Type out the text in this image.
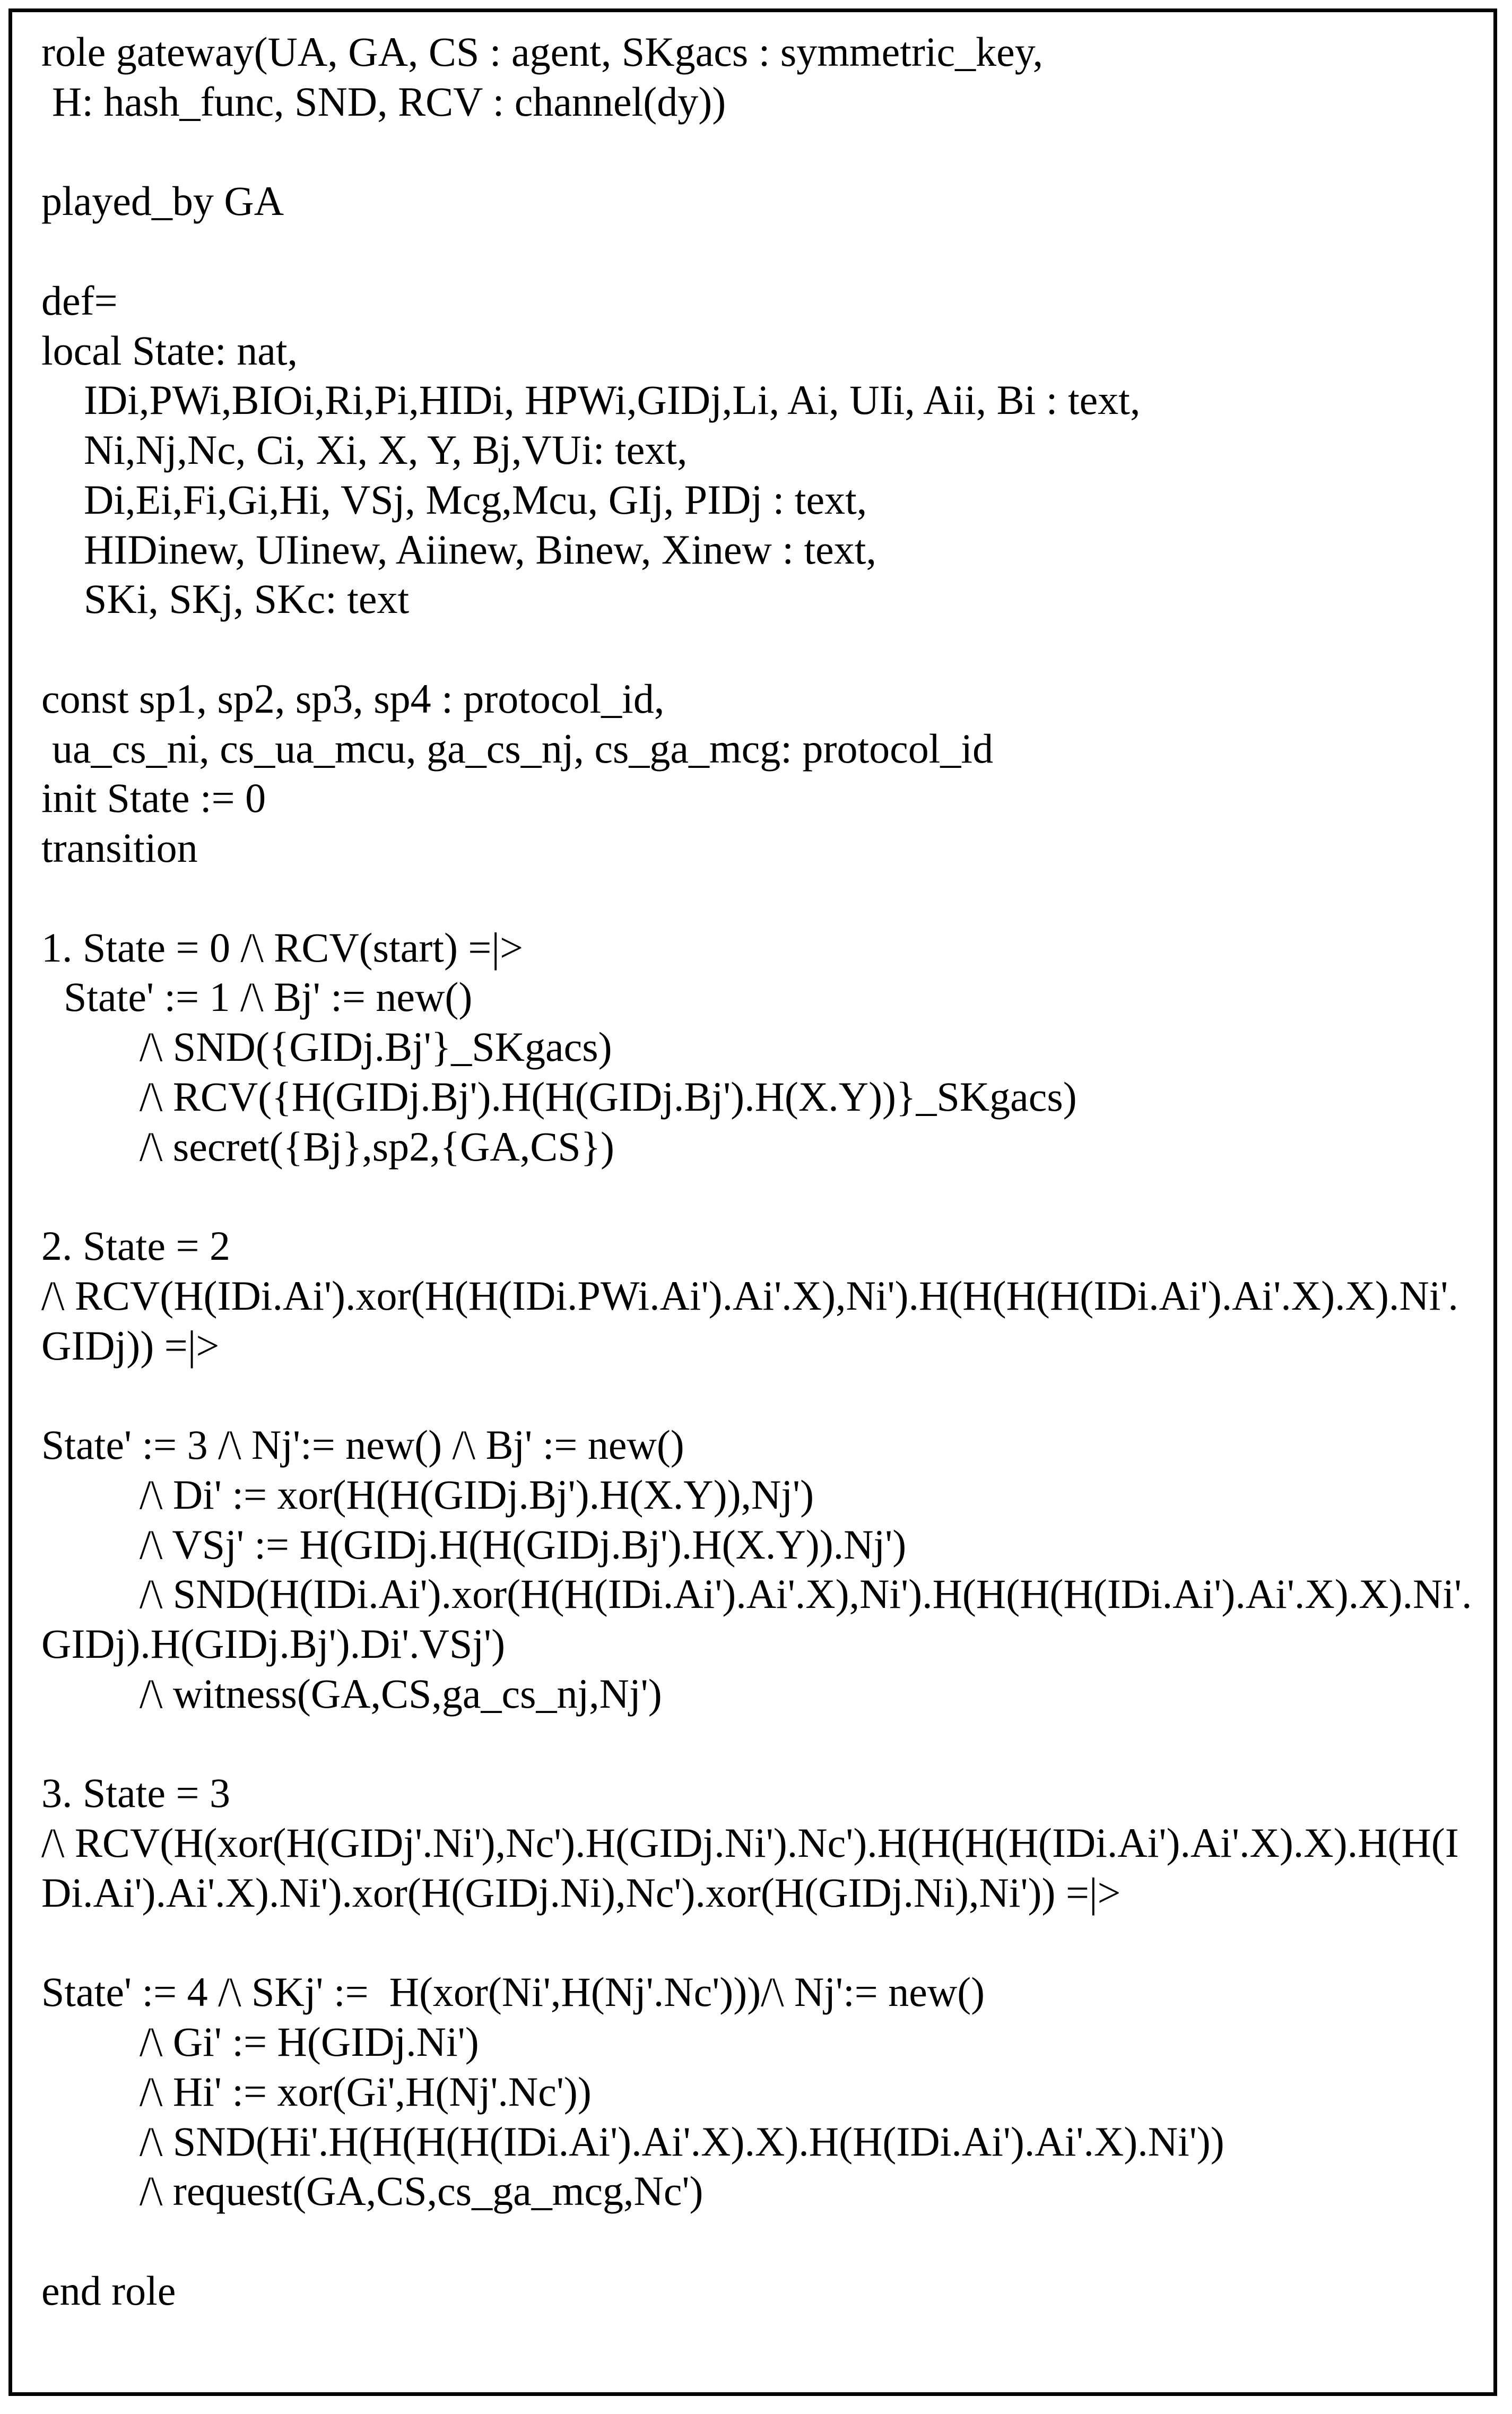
role gateway(UA, GA, CS : agent, SKgacs : symmetric_key,
H: hash_func, SND, RCV : channel(dy))
played_by GA
def=
local State: nat,
IDi,PWi,BIOi,Ri,Pi,HIDi, HPWi,GIDj,Li, Ai, UIi, Aii, Bi : text,
Ni,Nj,Nc, Ci, Xi, X, Y, Bj,VUi: text,
Di,Ei,Fi,Gi,Hi, VSj, Mcg,Mcu, GIj, PIDj : text,
HIDinew, UIinew, Aiinew, Binew, Xinew : text,
SKi, SKj, SKc: text
const sp1, sp2, sp3, sp4 : protocol_id,
ua_cs_ni, cs_ua_mcu, ga_cs_nj, cs_ga_mcg: protocol_id
init State := 0
transition
1. State = 0 /\ RCV(start) =|>
State' := 1 /\ Bj' := new()
/\ SND({GIDj.Bj'}_SKgacs)
/\ RCV({H(GIDj.Bj').H(H(GIDj.Bj').H(X.Y))}_SKgacs)
/\ secret({Bj},sp2,{GA,CS})
2. State = 2
/\ RCV(H(IDi.Ai').xor(H(H(IDi.PWi.Ai').Ai'.X),Ni').H(H(H(H(IDi.Ai').Ai'.X).X).Ni'.
GIDj)) =|>
State' := 3 /\ Nj':= new() /\ Bj' := new()
/\ Di' := xor(H(H(GIDj.Bj').H(X.Y)),Nj')
/\ VSj' := H(GIDj.H(H(GIDj.Bj').H(X.Y)).Nj')
/\ SND(H(IDi.Ai').xor(H(H(IDi.Ai').Ai'.X),Ni').H(H(H(H(IDi.Ai').Ai'.X).X).Ni'.
GIDj).H(GIDj.Bj').Di'.VSj')
/\ witness(GA,CS,ga_cs_nj,Nj')
3. State = 3
/\ RCV(H(xor(H(GIDj'.Ni'),Nc').H(GIDj.Ni').Nc').H(H(H(H(IDi.Ai').Ai'.X).X).H(H(I
Di.Ai').Ai'.X).Ni').xor(H(GIDj.Ni),Nc').xor(H(GIDj.Ni),Ni')) =|>
State' := 4 /\ SKj' :=  H(xor(Ni',H(Nj'.Nc')))/\ Nj':= new()
/\ Gi' := H(GIDj.Ni')
/\ Hi' := xor(Gi',H(Nj'.Nc'))
/\ SND(Hi'.H(H(H(H(IDi.Ai').Ai'.X).X).H(H(IDi.Ai').Ai'.X).Ni'))
/\ request(GA,CS,cs_ga_mcg,Nc')
end role
